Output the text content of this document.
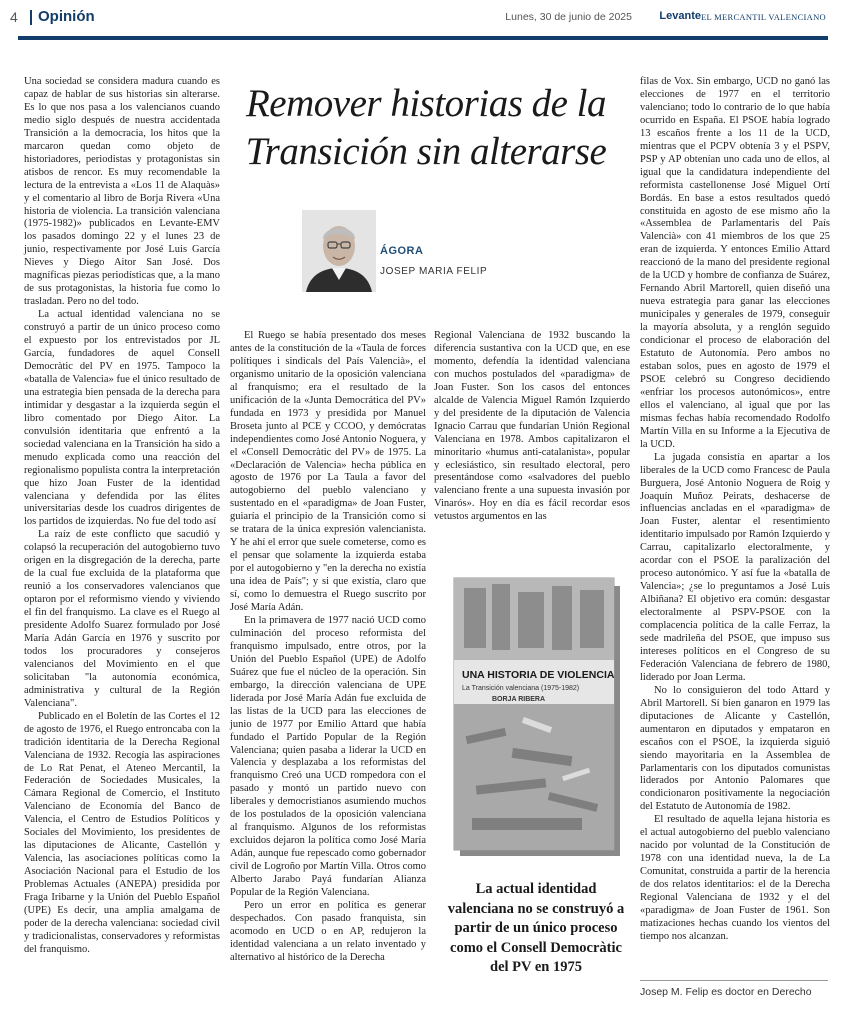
4 Opinión	Lunes, 30 de junio de 2025 Levante EL MERCANTIL VALENCIANO
Remover historias de la Transición sin alterarse
ÁGORA
JOSEP MARIA FELIP

Una sociedad se considera madura cuando es capaz de hablar de sus historias sin alterarse. Es lo que nos pasa a los valencianos cuando medio siglo después de nuestra accidentada Transición a la democracia, los hitos que la marcaron quedan como objeto de historiadores, periodistas y protagonistas sin atisbos de rencor. Es muy recomendable la lectura de la entrevista a «Los 11 de Alaquàs» y el comentario al libro de Borja Rivera «Una historia de violencia. La transición valenciana (1975-1982)» publicados en Levante-EMV los pasados domingo 22 y el lunes 23 de junio, respectivamente por José Luis García Nieves y Diego Aitor San José. Dos magníficas piezas periodísticas que, a la mano de sus protagonistas, la historia fue como lo trasladan. Pero no del todo.

La actual identidad valenciana no se construyó a partir de un único proceso como el expuesto por los entrevistados por JL García, fundadores de aquel Consell Democràtic del PV en 1975. Tampoco la «batalla de Valencia» fue el único resultado de una estrategia bien pensada de la derecha para intimidar y desgastar a la izquierda según el libro comentado por Diego Aitor. La convulsión identitaria que enfrentó a la sociedad valenciana en la Transición ha sido a menudo explicada como una reacción del regionalismo populista contra la interpretación que hizo Joan Fuster de la identidad valenciana y defendida por las élites universitarias desde los cuadros dirigentes de los partidos de izquierdas. No fue del todo así

La raíz de este conflicto que sacudió y colapsó la recuperación del autogobierno tuvo origen en la disgregación de la derecha, parte de la cual fue excluida de la plataforma que reunió a los conservadores valencianos que optaron por el reformismo viendo y viviendo el fin del franquismo. La clave es el Ruego al presidente Adolfo Suarez formulado por José María Adán García en 1976 y suscrito por todos los procuradores y consejeros valencianos del Movimiento en el que solicitaban "la autonomía económica, administrativa y cultural de la Región Valenciana".

Publicado en el Boletín de las Cortes el 12 de agosto de 1976, el Ruego entroncaba con la tradición identitaria de la Derecha Regional Valenciana de 1932. Recogía las aspiraciones de Lo Rat Penat, el Ateneo Mercantil, la Federación de Sociedades Musicales, la Cámara Regional de Comercio, el Instituto Valenciano de Economía del Banco de Valencia, el Centro de Estudios Políticos y Sociales del Movimiento, los presidentes de las diputaciones de Alicante, Castellón y Valencia, las asociaciones políticas como la Asociación Nacional para el Estudio de los Problemas Actuales (ANEPA) presidida por Fraga Iribarne y la Unión del Pueblo Español (UPE) Es decir, una amplia amalgama de poder de la derecha valenciana: sociedad civil y tradicionalistas, conservadores y reformistas del franquismo.

El Ruego se había presentado dos meses antes de la constitución de la «Taula de forces polítiques i sindicals del País Valencià», el organismo unitario de la oposición valenciana al franquismo; era el resultado de la unificación de la «Junta Democrática del PV» fundada en 1973 y presidida por Manuel Broseta junto al PCE y CCOO, y demócratas independientes como José Antonio Noguera, y el «Consell Democràtic del PV» de 1975. La «Declaración de Valencia» hecha pública en agosto de 1976 por La Taula a favor del autogobierno del pueblo valenciano y sustentado en el «paradigma» de Joan Fuster, guiaría el principio de la Transición como si se tratara de la única expresión valencianista. Y he ahí el error que suele cometerse, como es el pensar que solamente la izquierda estaba por el autogobierno y "en la derecha no existía una idea de País"; y si que existía, claro que sí, como lo demuestra el Ruego suscrito por José María Adán.

En la primavera de 1977 nació UCD como culminación del proceso reformista del franquismo impulsado, entre otros, por la Unión del Pueblo Español (UPE) de Adolfo Suárez que fue el núcleo de la operación. Sin embargo, la dirección valenciana de UPE liderada por José María Adán fue excluida de las listas de la UCD para las elecciones de junio de 1977 por Emilio Attard que había fundado el Partido Popular de la Región Valenciana; quien pasaba a liderar la UCD en Valencia y desplazaba a los reformistas del franquismo Creó una UCD rompedora con el pasado y montó un partido nuevo con liberales y democristianos asumiendo muchos de los postulados de la oposición valenciana al franquismo. Algunos de los reformistas excluidos dejaron la política como José María Adán, aunque fue repescado como gobernador civil de Logroño por Martín Villa. Otros como Alberto Jarabo Payá fundarían Alianza Popular de la Región Valenciana.

Pero un error en política es generar despechados. Con pasado franquista, sin acomodo en UCD o en AP, redujeron la identidad valenciana a un relato inventado y alternativo al histórico de la Derecha

Regional Valenciana de 1932 buscando la diferencia sustantiva con la UCD que, en ese momento, defendía la identidad valenciana con muchos postulados del «paradigma» de Joan Fuster. Son los casos del entonces alcalde de Valencia Miguel Ramón Izquierdo y del presidente de la diputación de Valencia Ignacio Carrau que fundarían Unión Regional Valenciana en 1978. Ambos capitalizaron el minoritario «humus anti-catalanista», popular y eclesiástico, sin resultado electoral, pero presentándose como «salvadores del pueblo valenciano frente a una supuesta invasión por Vinarós». Hoy en día es fácil recordar esos vetustos argumentos en las

UNA HISTORIA DE VIOLENCIA
La Transición valenciana (1975-1982)
BORJA RIBERA
La actual identidad valenciana no se construyó a partir de un único proceso como el Consell Democràtic del PV en 1975

filas de Vox. Sin embargo, UCD no ganó las elecciones de 1977 en el territorio valenciano; todo lo contrario de lo que había ocurrido en España. El PSOE había logrado 13 escaños frente a los 11 de la UCD, mientras que el PCPV obtenía 3 y el PSPV, PSP y AP obtenían uno cada uno de ellos, al igual que la candidatura independiente del reformista castellonense José Miguel Ortí Bordás. En base a estos resultados quedó constituida en agosto de ese mismo año la «Assemblea de Parlamentaris del País Valencià» con 41 miembros de los que 25 eran de izquierda. Y entonces Emilio Attard reaccionó de la mano del presidente regional de la UCD y hombre de confianza de Suárez, Fernando Abril Martorell, quien diseñó una nueva estrategia para ganar las elecciones municipales y generales de 1979, conseguir la mayoría absoluta, y a renglón seguido condicionar el proceso de elaboración del Estatuto de Autonomía. Pero ambos no estaban solos, pues en agosto de 1979 el PSOE celebró su Congreso decidiendo «enfriar los procesos autonómicos», entre ellos el valenciano, al igual que por las mismas fechas había recomendado Rodolfo Martín Villa en su Informe a la Ejecutiva de la UCD.

La jugada consistía en apartar a los liberales de la UCD como Francesc de Paula Burguera, José Antonio Noguera de Roig y Joaquín Muñoz Peirats, deshacerse de influencias ancladas en el «paradigma» de Joan Fuster, alentar el resentimiento identitario impulsado por Ramón Izquierdo y Carrau, capitalizarlo electoralmente, y acordar con el PSOE la paralización del proceso autonómico. Y así fue la «batalla de Valencia»; ¿se lo preguntamos a José Luis Albiñana? El objetivo era común: desgastar electoralmente al PSPV-PSOE con la complacencia política de la calle Ferraz, la sede madrileña del PSOE, que impuso sus intereses políticos en el Congreso de su Federación Valenciana de febrero de 1980, liderado por Joan Lerma.

No lo consiguieron del todo Attard y Abril Martorell. Sí bien ganaron en 1979 las diputaciones de Alicante y Castellón, aumentaron en diputados y empataron en escaños con el PSOE, la izquierda siguió siendo mayoritaria en la Assemblea de Parlamentaris con los diputados comunistas liderados por Antonio Palomares que condicionaron positivamente la negociación del Estatuto de Autonomía de 1982.

El resultado de aquella lejana historia es el actual autogobierno del pueblo valenciano nacido por voluntad de la Constitución de 1978 con una identidad nueva, la de La Comunitat, construida a partir de la herencia de dos relatos identitarios: el de la Derecha Regional Valenciana de 1932 y el del «paradigma» de Joan Fuster de 1961. Son matizaciones hechas cuando los vientos del tiempo nos alcanzan.

Josep M. Felip es doctor en Derecho
